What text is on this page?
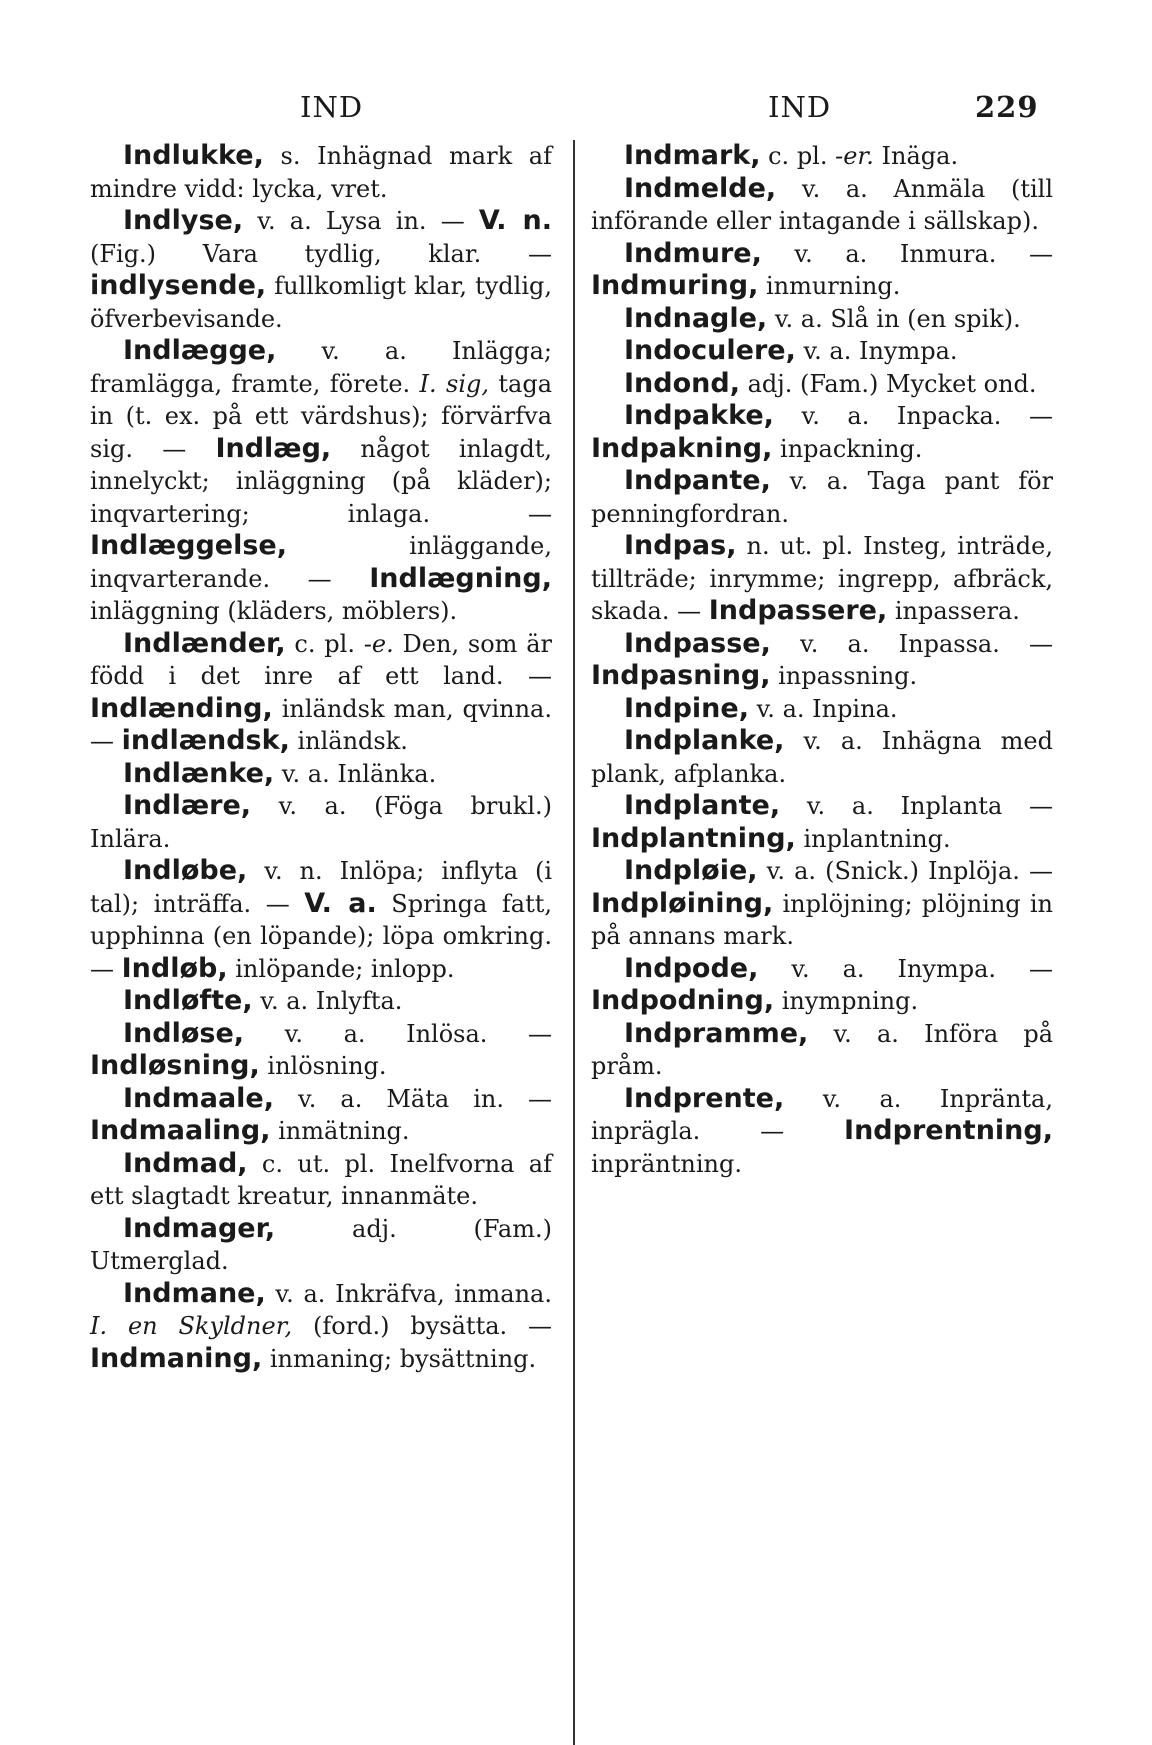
IND	IND	229

Indlukke, s. Inhägnad mark af mindre vidd: lycka, vret.

Indlyse, v. a. Lysa in. — V. n. (Fig.) Vara tydlig, klar. — indlysende, fullkomligt klar, tydlig, öfverbevisande.

Indlægge, v. a. Inlägga; framlägga, framte, förete. I. sig, taga in (t. ex. på ett värdshus); förvärfva sig. — Indlæg, något inlagdt, innelyckt; inläggning (på kläder); inqvartering; inlaga. — Indlæggelse, inläggande, inqvarterande. — Indlægning, inläggning (kläders, möblers).

Indlænder, c. pl. -e. Den, som är född i det inre af ett land. — Indlænding, inländsk man, qvinna. — indlændsk, inländsk.

Indlænke, v. a. Inlänka.

Indlære, v. a. (Föga brukl.) Inlära.

Indløbe, v. n. Inlöpa; inflyta (i tal); inträffa. — V. a. Springa fatt, upphinna (en löpande); löpa omkring. — Indløb, inlöpande; inlopp.

Indløfte, v. a. Inlyfta.

Indløse, v. a. Inlösa. — Indløsning, inlösning.

Indmaale, v. a. Mäta in. — Indmaaling, inmätning.

Indmad, c. ut. pl. Inelfvorna af ett slagtadt kreatur, innanmäte.

Indmager, adj. (Fam.) Utmerglad.

Indmane, v. a. Inkräfva, inmana. I. en Skyldner, (ford.) bysätta. — Indmaning, inmaning; bysättning.

Indmark, c. pl. -er. Inäga.

Indmelde, v. a. Anmäla (till införande eller intagande i sällskap).

Indmure, v. a. Inmura. — Indmuring, inmurning.

Indnagle, v. a. Slå in (en spik).

Indoculere, v. a. Inympa.

Indond, adj. (Fam.) Mycket ond.

Indpakke, v. a. Inpacka. — Indpakning, inpackning.

Indpante, v. a. Taga pant för penningfordran.

Indpas, n. ut. pl. Insteg, inträde, tillträde; inrymme; ingrepp, afbräck, skada. — Indpassere, inpassera.

Indpasse, v. a. Inpassa. — Indpasning, inpassning.

Indpine, v. a. Inpina.

Indplanke, v. a. Inhägna med plank, afplanka.

Indplante, v. a. Inplanta — Indplantning, inplantning.

Indpløie, v. a. (Snick.) Inplöja. — Indpløining, inplöjning; plöjning in på annans mark.

Indpode, v. a. Inympa. — Indpodning, inympning.

Indpramme, v. a. Införa på pråm.

Indprente, v. a. Inpränta, inprägla. — Indprentning, inpräntning.
